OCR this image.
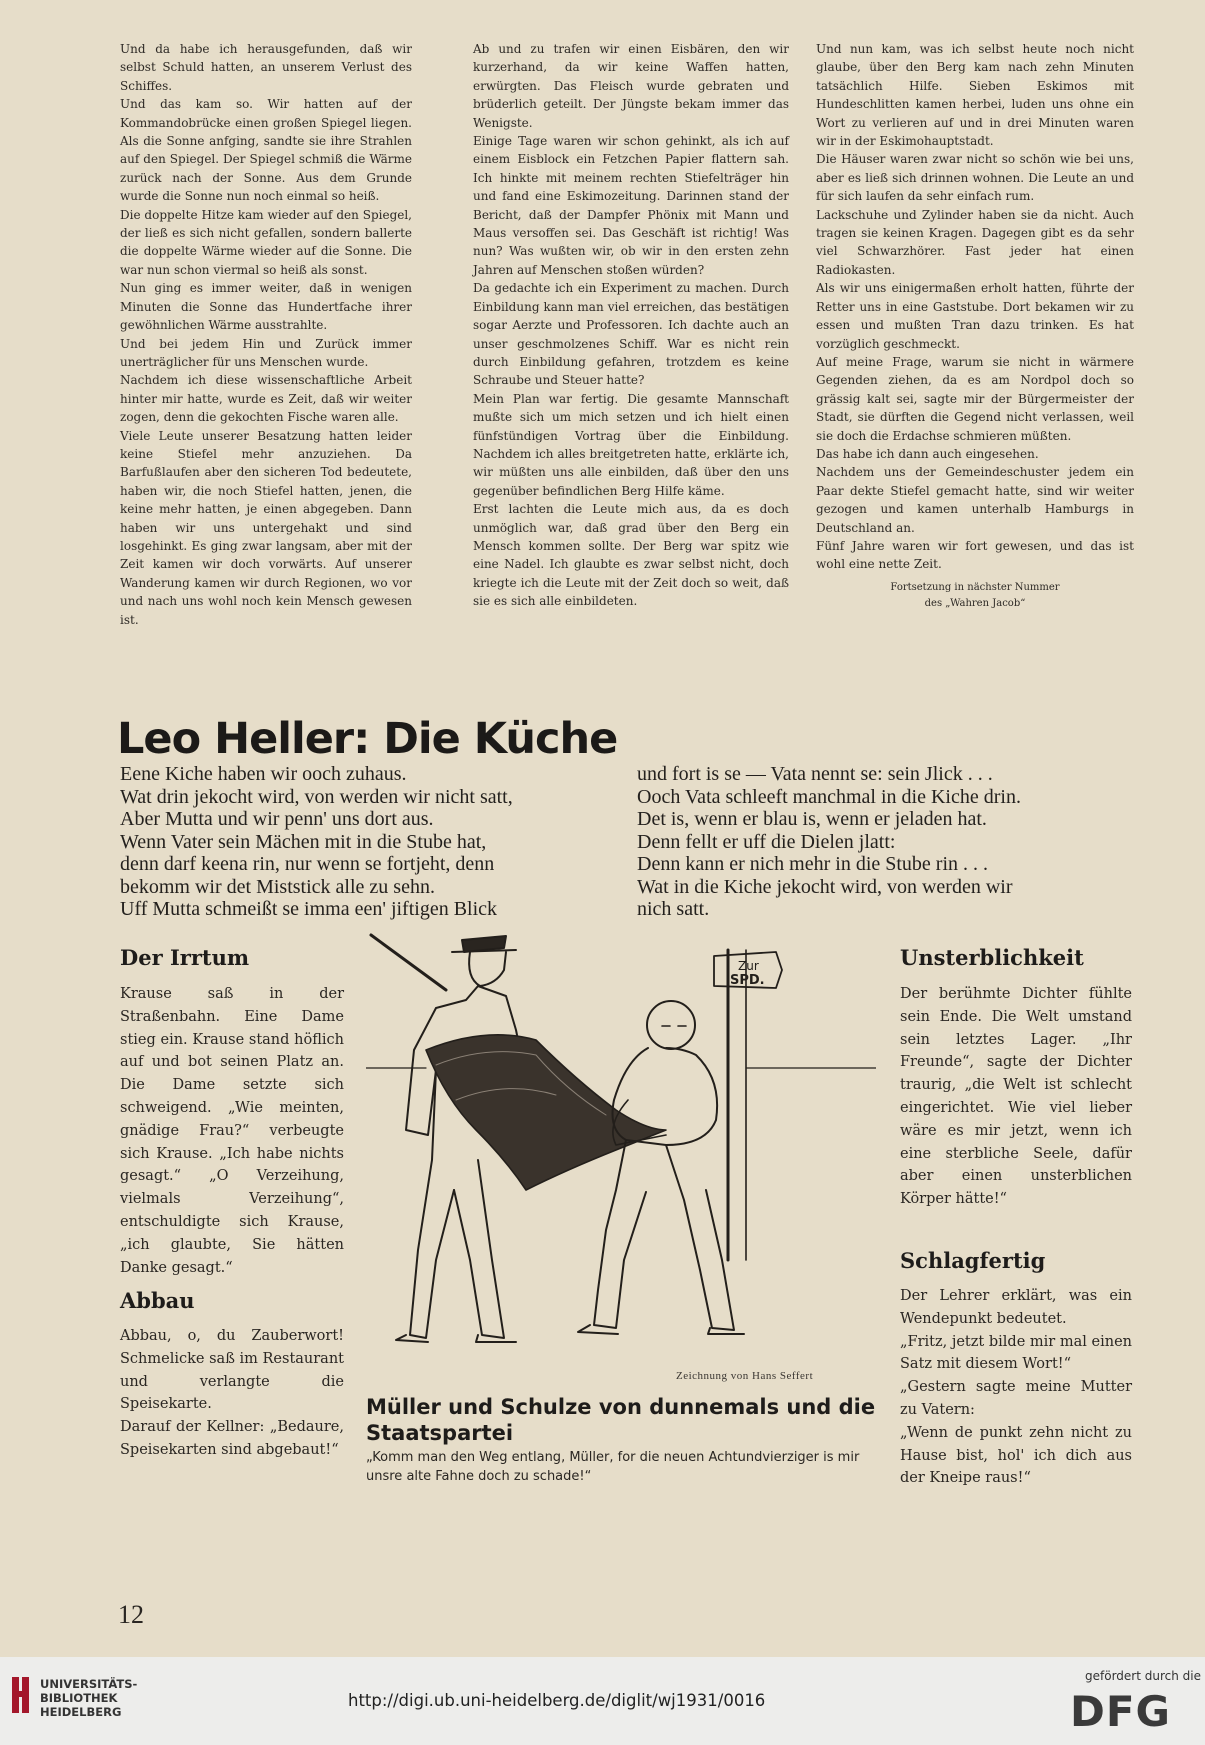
Und da habe ich herausgefunden, daß wir selbst Schuld hatten, an unserem Verlust des Schiffes.

Und das kam so. Wir hatten auf der Kommandobrücke einen großen Spiegel liegen. Als die Sonne anfging, sandte sie ihre Strahlen auf den Spiegel. Der Spiegel schmiß die Wärme zurück nach der Sonne. Aus dem Grunde wurde die Sonne nun noch einmal so heiß.

Die doppelte Hitze kam wieder auf den Spiegel, der ließ es sich nicht gefallen, sondern ballerte die doppelte Wärme wieder auf die Sonne. Die war nun schon viermal so heiß als sonst.

Nun ging es immer weiter, daß in wenigen Minuten die Sonne das Hundertfache ihrer gewöhnlichen Wärme ausstrahlte.

Und bei jedem Hin und Zurück immer unerträglicher für uns Menschen wurde.

Nachdem ich diese wissenschaftliche Arbeit hinter mir hatte, wurde es Zeit, daß wir weiter zogen, denn die gekochten Fische waren alle.

Viele Leute unserer Besatzung hatten leider keine Stiefel mehr anzuziehen. Da Barfußlaufen aber den sicheren Tod bedeutete, haben wir, die noch Stiefel hatten, jenen, die keine mehr hatten, je einen abgegeben. Dann haben wir uns untergehakt und sind losgehinkt. Es ging zwar langsam, aber mit der Zeit kamen wir doch vorwärts. Auf unserer Wanderung kamen wir durch Regionen, wo vor und nach uns wohl noch kein Mensch gewesen ist.

Ab und zu trafen wir einen Eisbären, den wir kurzerhand, da wir keine Waffen hatten, erwürgten. Das Fleisch wurde gebraten und brüderlich geteilt. Der Jüngste bekam immer das Wenigste.

Einige Tage waren wir schon gehinkt, als ich auf einem Eisblock ein Fetzchen Papier flattern sah. Ich hinkte mit meinem rechten Stiefelträger hin und fand eine Eskimozeitung. Darinnen stand der Bericht, daß der Dampfer Phönix mit Mann und Maus versoffen sei. Das Geschäft ist richtig! Was nun? Was wußten wir, ob wir in den ersten zehn Jahren auf Menschen stoßen würden?

Da gedachte ich ein Experiment zu machen. Durch Einbildung kann man viel erreichen, das bestätigen sogar Aerzte und Professoren. Ich dachte auch an unser geschmolzenes Schiff. War es nicht rein durch Einbildung gefahren, trotzdem es keine Schraube und Steuer hatte?

Mein Plan war fertig. Die gesamte Mannschaft mußte sich um mich setzen und ich hielt einen fünfstündigen Vortrag über die Einbildung. Nachdem ich alles breitgetreten hatte, erklärte ich, wir müßten uns alle einbilden, daß über den uns gegenüber befindlichen Berg Hilfe käme.

Erst lachten die Leute mich aus, da es doch unmöglich war, daß grad über den Berg ein Mensch kommen sollte. Der Berg war spitz wie eine Nadel. Ich glaubte es zwar selbst nicht, doch kriegte ich die Leute mit der Zeit doch so weit, daß sie es sich alle einbildeten.

Und nun kam, was ich selbst heute noch nicht glaube, über den Berg kam nach zehn Minuten tatsächlich Hilfe. Sieben Eskimos mit Hundeschlitten kamen herbei, luden uns ohne ein Wort zu verlieren auf und in drei Minuten waren wir in der Eskimohauptstadt.

Die Häuser waren zwar nicht so schön wie bei uns, aber es ließ sich drinnen wohnen. Die Leute an und für sich laufen da sehr einfach rum.

Lackschuhe und Zylinder haben sie da nicht. Auch tragen sie keinen Kragen. Dagegen gibt es da sehr viel Schwarzhörer. Fast jeder hat einen Radiokasten.

Als wir uns einigermaßen erholt hatten, führte der Retter uns in eine Gaststube. Dort bekamen wir zu essen und mußten Tran dazu trinken. Es hat vorzüglich geschmeckt.

Auf meine Frage, warum sie nicht in wärmere Gegenden ziehen, da es am Nordpol doch so grässig kalt sei, sagte mir der Bürgermeister der Stadt, sie dürften die Gegend nicht verlassen, weil sie doch die Erdachse schmieren müßten.

Das habe ich dann auch eingesehen.

Nachdem uns der Gemeindeschuster jedem ein Paar dekte Stiefel gemacht hatte, sind wir weiter gezogen und kamen unterhalb Hamburgs in Deutschland an.

Fünf Jahre waren wir fort gewesen, und das ist wohl eine nette Zeit.

Fortsetzung in nächster Nummer
des „Wahren Jacob“
Leo Heller: Die Küche
Eene Kiche haben wir ooch zuhaus.
Wat drin jekocht wird, von werden wir nicht satt,
Aber Mutta und wir penn' uns dort aus.
Wenn Vater sein Mächen mit in die Stube hat,
denn darf keena rin, nur wenn se fortjeht, denn
bekomm wir det Miststick alle zu sehn.
Uff Mutta schmeißt se imma een' jiftigen Blick
und fort is se — Vata nennt se: sein Jlick . . .
Ooch Vata schleeft manchmal in die Kiche drin.
Det is, wenn er blau is, wenn er jeladen hat.
Denn fellt er uff die Dielen jlatt:
Denn kann er nich mehr in die Stube rin . . .
Wat in die Kiche jekocht wird, von werden wir
nich satt.
Der Irrtum

Krause saß in der Straßenbahn. Eine Dame stieg ein. Krause stand höflich auf und bot seinen Platz an. Die Dame setzte sich schweigend. „Wie meinten, gnädige Frau?“ verbeugte sich Krause. „Ich habe nichts gesagt.“ „O Verzeihung, vielmals Verzeihung“, entschuldigte sich Krause, „ich glaubte, Sie hätten Danke gesagt.“

Abbau

Abbau, o, du Zauberwort! Schmelicke saß im Restaurant und verlangte die Speisekarte.

Darauf der Kellner: „Bedaure, Speisekarten sind abgebaut!“

Unsterblichkeit

Der berühmte Dichter fühlte sein Ende. Die Welt umstand sein letztes Lager. „Ihr Freunde“, sagte der Dichter traurig, „die Welt ist schlecht eingerichtet. Wie viel lieber wäre es mir jetzt, wenn ich eine sterbliche Seele, dafür aber einen unsterblichen Körper hätte!“

Schlagfertig

Der Lehrer erklärt, was ein Wendepunkt bedeutet.

„Fritz, jetzt bilde mir mal einen Satz mit diesem Wort!“

„Gestern sagte meine Mutter zu Vatern:

„Wenn de punkt zehn nicht zu Hause bist, hol' ich dich aus der Kneipe raus!“

Zur
SPD.
Zeichnung von Hans Seffert
Müller und Schulze von dunnemals und die Staatspartei
„Komm man den Weg entlang, Müller, for die neuen Achtundvierziger is mir unsre alte Fahne doch zu schade!“
12
UNIVERSITÄTS-
BIBLIOTHEK
HEIDELBERG
http://digi.ub.uni-heidelberg.de/diglit/wj1931/0016
gefördert durch die
DFG
